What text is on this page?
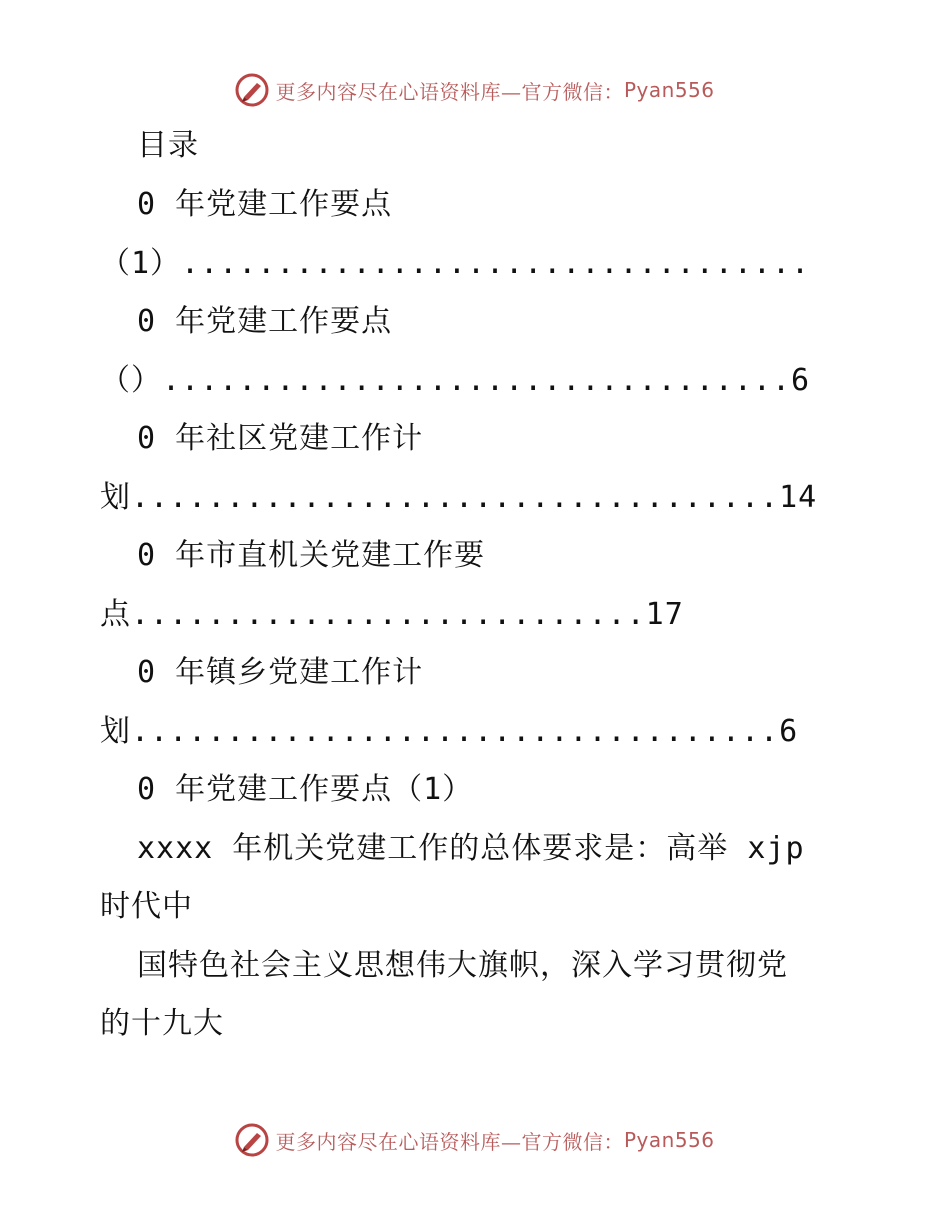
更多内容尽在心语资料库—官方微信： Pyan556
目录
0 年党建工作要点
（1）.................................
0 年党建工作要点
（）.................................6
0 年社区党建工作计
划..................................14
0 年市直机关党建工作要
点...........................17
0 年镇乡党建工作计
划..................................6
0 年党建工作要点（1）
xxxx 年机关党建工作的总体要求是：高举 xjp
时代中
国特色社会主义思想伟大旗帜，深入学习贯彻党
的十九大
更多内容尽在心语资料库—官方微信： Pyan556
